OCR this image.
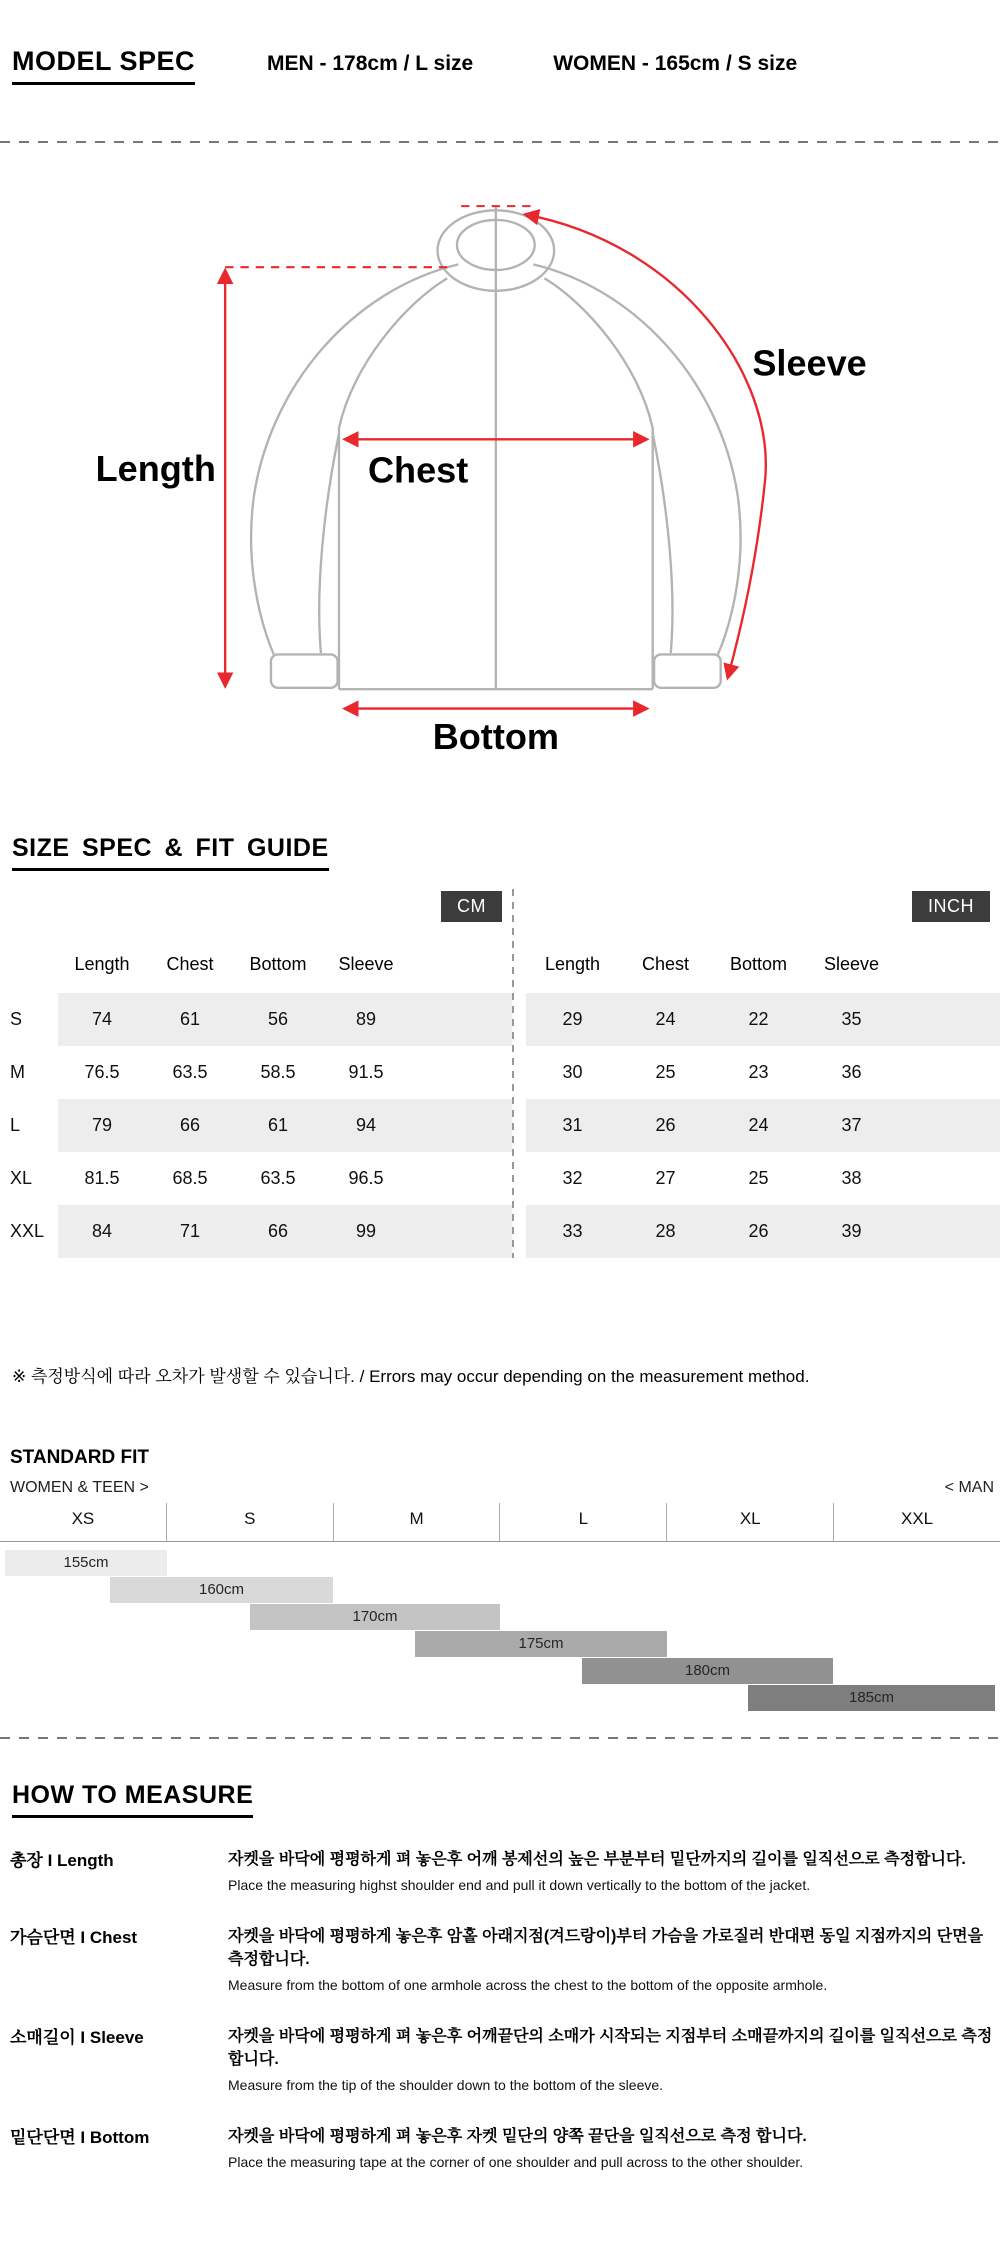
MODEL SPEC	MEN - 178cm / L size	WOMEN - 165cm / S size
Length	Chest
Sleeve
Bottom
SIZE SPEC & FIT GUIDE
CM
Length	Chest	Bottom	Sleeve
S	74	61	56	89
M	76.5	63.5	58.5	91.5
L	79	66	61	94
XL	81.5	68.5	63.5	96.5
XXL	84	71	66	99
INCH
Length	Chest	Bottom	Sleeve
29	24	22	35
30	25	23	36
31	26	24	37
32	27	25	38
33	28	26	39
※ 측정방식에 따라 오차가 발생할 수 있습니다. / Errors may occur depending on the measurement method.
STANDARD FIT
WOMEN & TEEN >	< MAN
XS	S	M	L	XL	XXL
155cm
160cm
170cm
175cm
180cm
185cm
HOW TO MEASURE
총장 I Length	자켓을 바닥에 평평하게 펴 놓은후 어깨 봉제선의 높은 부분부터 밑단까지의 길이를 일직선으로 측정합니다.
Place the measuring highst shoulder end and pull it down vertically to the bottom of the jacket.
가슴단면 I Chest	자켓을 바닥에 평평하게 놓은후 암홀 아래지점(겨드랑이)부터 가슴을 가로질러 반대편 동일 지점까지의 단면을 측정합니다.
Measure from the bottom of one armhole across the chest to the bottom of the opposite armhole.
소매길이 I Sleeve	자켓을 바닥에 평평하게 펴 놓은후 어깨끝단의 소매가 시작되는 지점부터 소매끝까지의 길이를 일직선으로 측정합니다.
Measure from the tip of the shoulder down to the bottom of the sleeve.
밑단단면 I Bottom	자켓을 바닥에 평평하게 펴 놓은후 자켓 밑단의 양쪽 끝단을 일직선으로 측정 합니다.
Place the measuring tape at the corner of one shoulder and pull across to the other shoulder.
